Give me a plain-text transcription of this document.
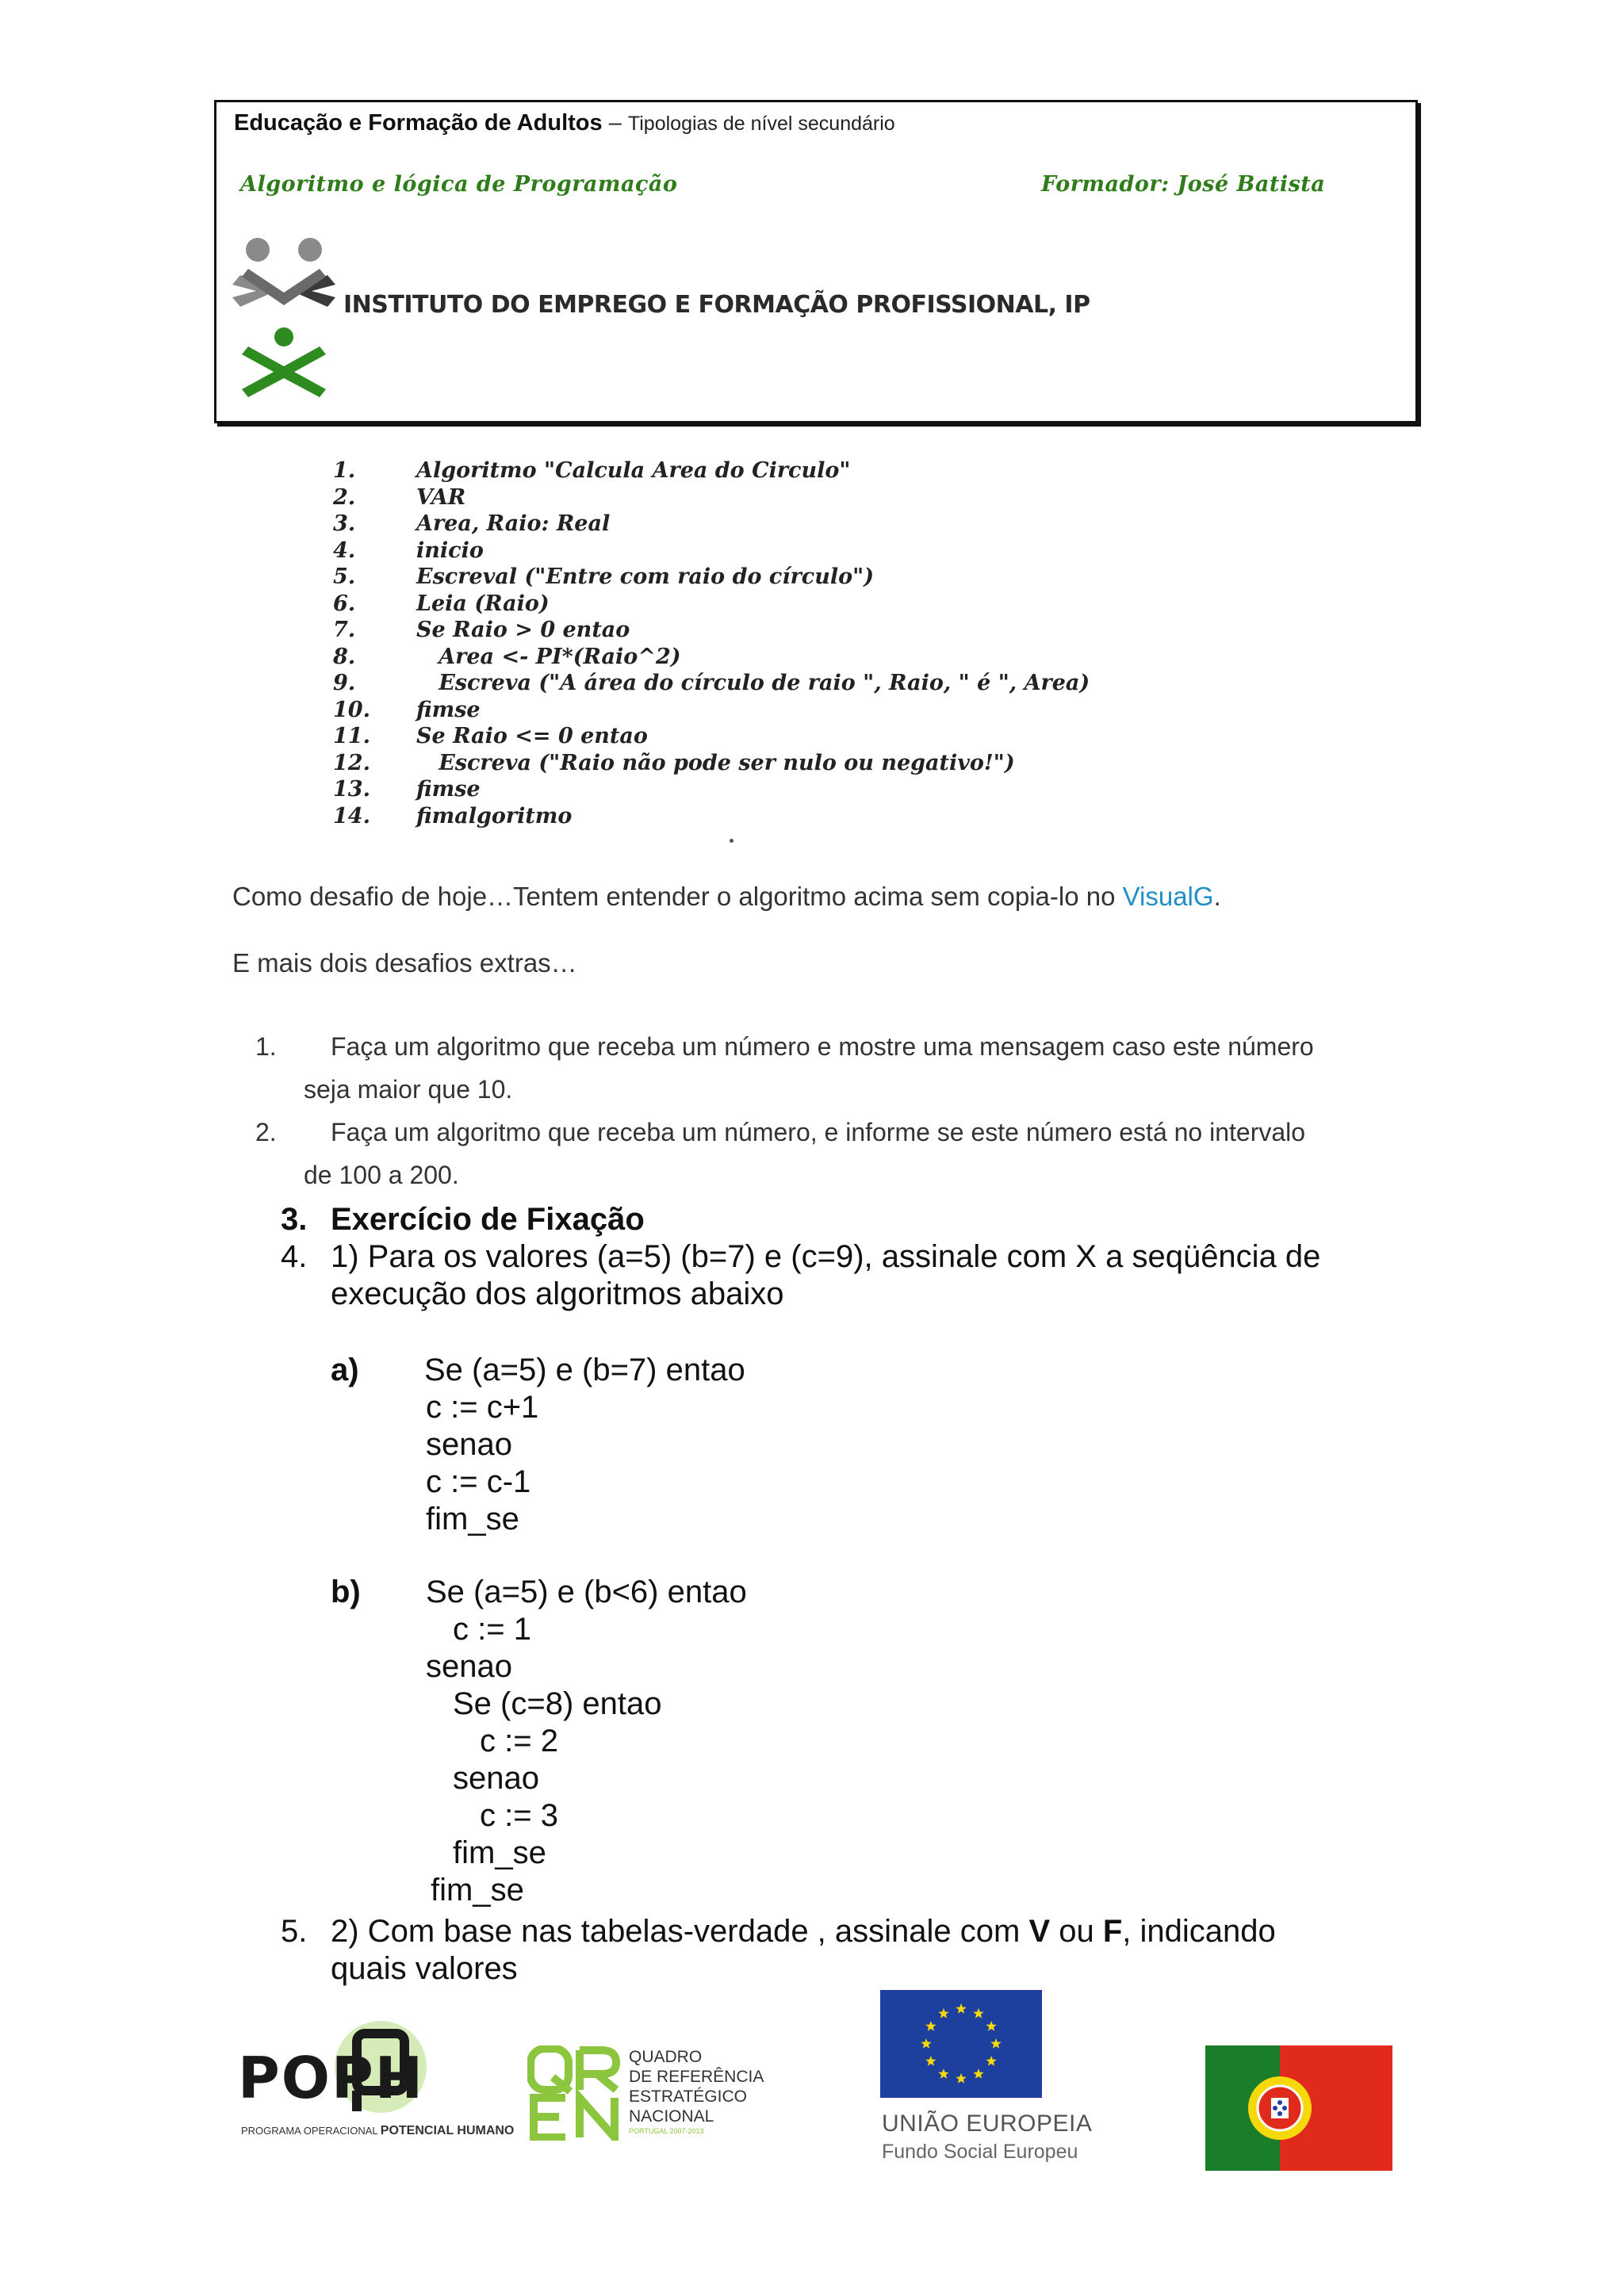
Educação e Formação de Adultos – Tipologias de nível secundário
Algoritmo e lógica de Programação	Formador: José Batista
INSTITUTO DO EMPREGO E FORMAÇÃO PROFISSIONAL, IP
1.	Algoritmo "Calcula Area do Circulo"
2.	VAR
3.	Area, Raio: Real
4.	inicio
5.	Escreval ("Entre com raio do círculo")
6.	Leia (Raio)
7.	Se Raio > 0 entao
8.	Area <- PI*(Raio^2)
9.	Escreva ("A área do círculo de raio ", Raio, " é ", Area)
10. fimse
11. Se Raio <= 0 entao
12. Escreva ("Raio não pode ser nulo ou negativo!")
13. fimse
14. fimalgoritmo
Como desafio de hoje…Tentem entender o algoritmo acima sem copia-lo no VisualG.
E mais dois desafios extras…
1. Faça um algoritmo que receba um número e mostre uma mensagem caso este número
seja maior que 10.
2. Faça um algoritmo que receba um número, e informe se este número está no intervalo
de 100 a 200.
3. Exercício de Fixação
4. 1) Para os valores (a=5) (b=7) e (c=9), assinale com X a seqüência de
execução dos algoritmos abaixo
a) Se (a=5) e (b=7) entao
c := c+1
senao
c := c-1
fim_se
b) Se (a=5) e (b<6) entao
c := 1
senao
Se (c=8) entao
c := 2
senao
c := 3
fim_se
fim_se
5. 2) Com base nas tabelas-verdade , assinale com V ou F, indicando
quais valores
POPH
PROGRAMA OPERACIONAL POTENCIAL HUMANO
QUADRO
DE REFERÊNCIA
ESTRATÉGICO
NACIONAL
PORTUGAL 2007-2013	UNIÃO EUROPEIA
Fundo Social Europeu
